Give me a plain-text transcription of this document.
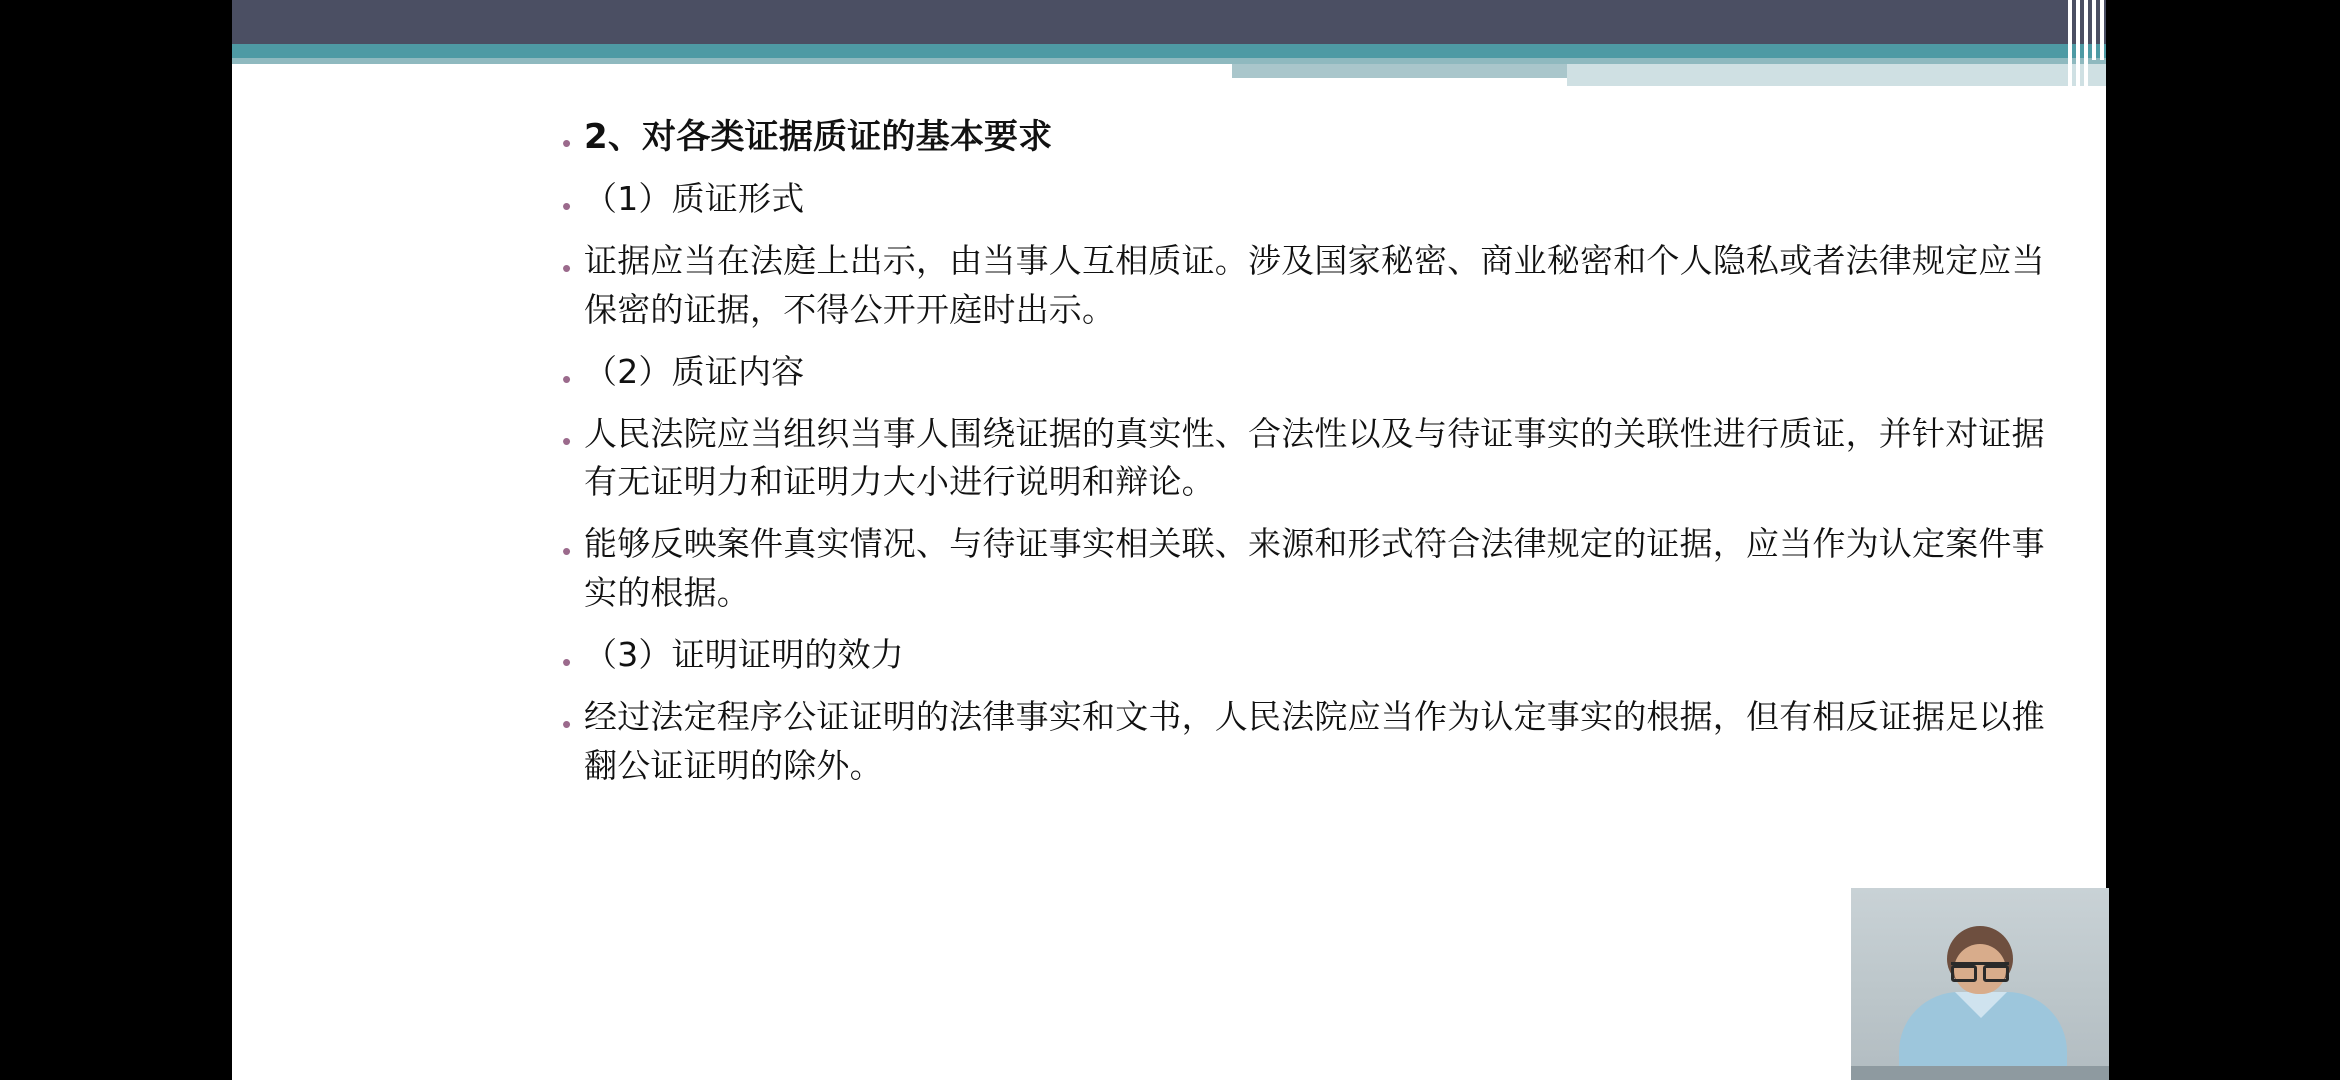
• 2、对各类证据质证的基本要求
• （1）质证形式
• 证据应当在法庭上出示，由当事人互相质证。涉及国家秘密、商业秘密和个人隐私或者法律规定应当保密的证据，不得公开开庭时出示。
• （2）质证内容
• 人民法院应当组织当事人围绕证据的真实性、合法性以及与待证事实的关联性进行质证，并针对证据有无证明力和证明力大小进行说明和辩论。
• 能够反映案件真实情况、与待证事实相关联、来源和形式符合法律规定的证据，应当作为认定案件事实的根据。
• （3）证明证明的效力
• 经过法定程序公证证明的法律事实和文书，人民法院应当作为认定事实的根据，但有相反证据足以推翻公证证明的除外。
